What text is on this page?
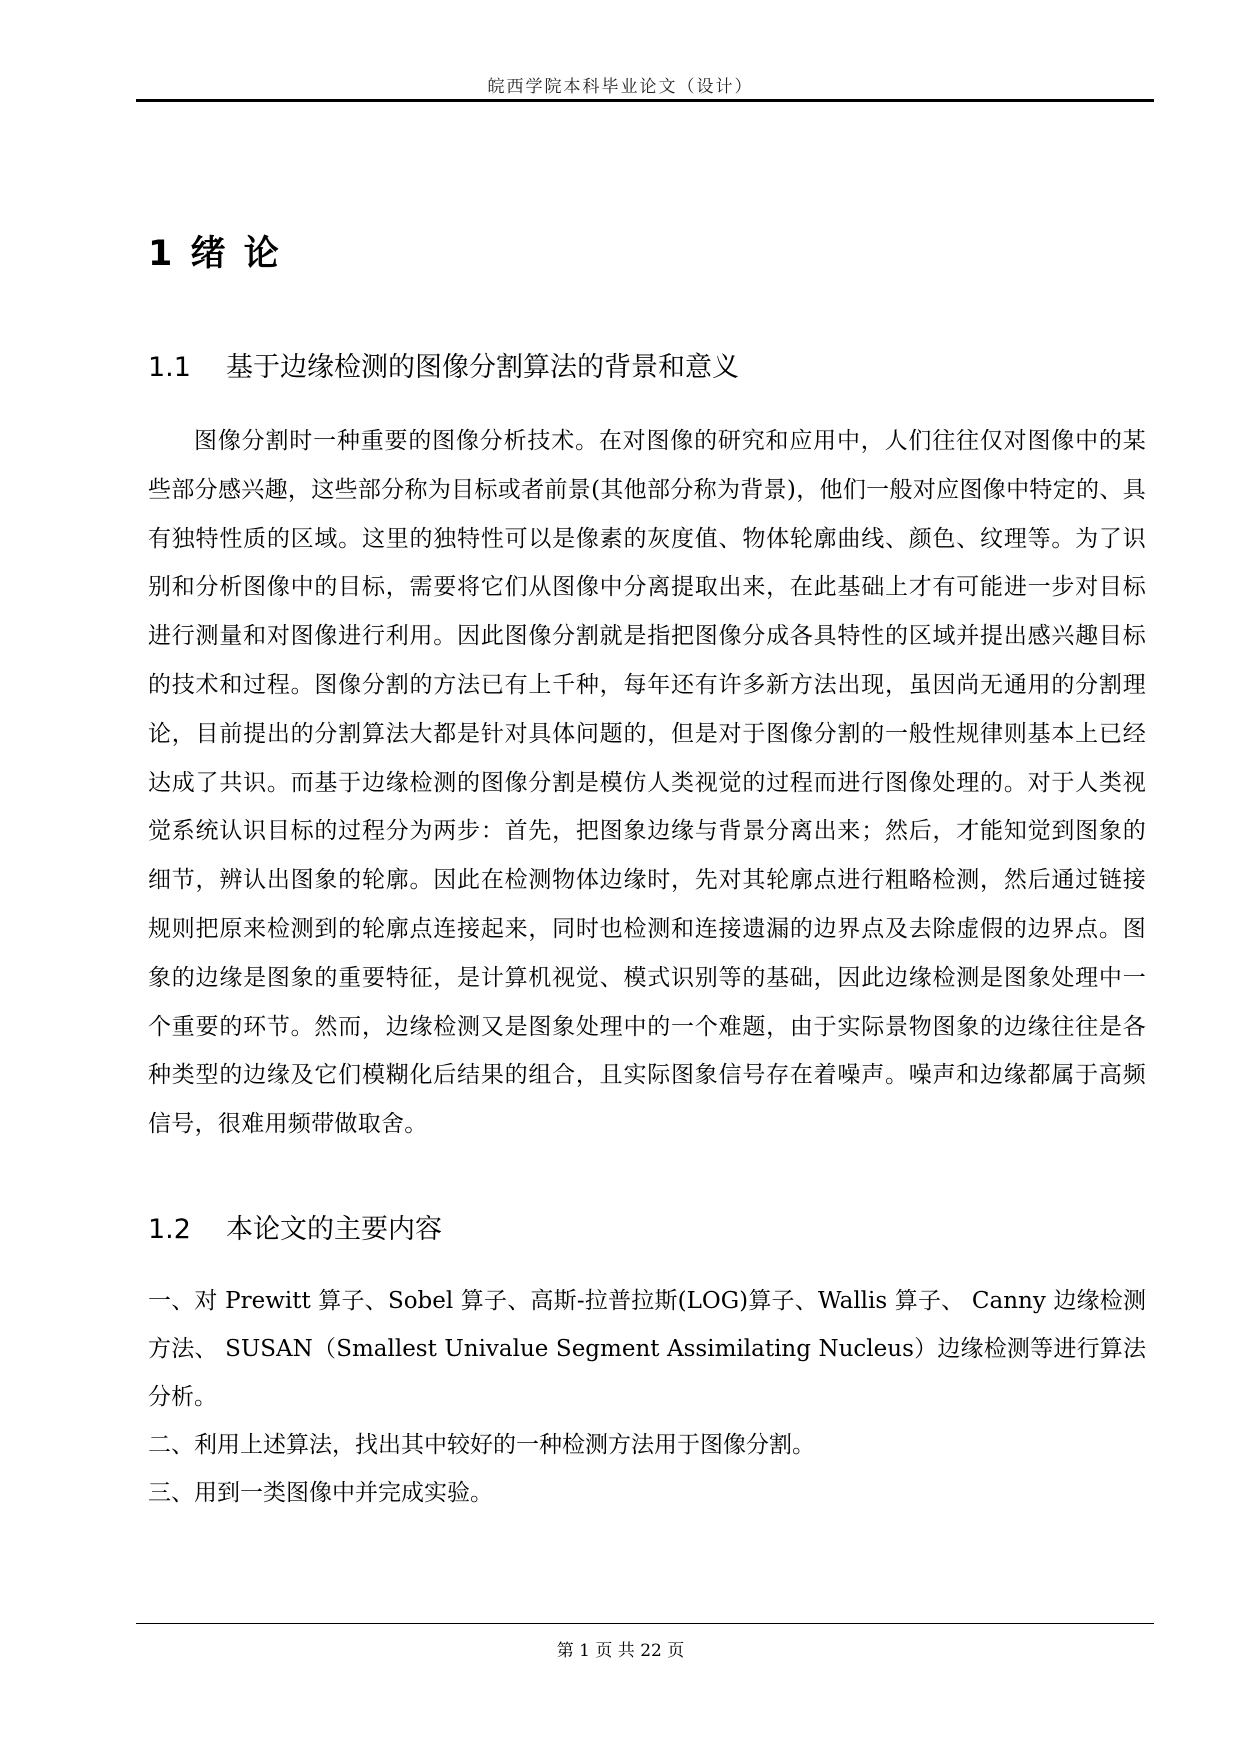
皖西学院本科毕业论文（设计）
1 绪 论
1.1 基于边缘检测的图像分割算法的背景和意义

图像分割时一种重要的图像分析技术。在对图像的研究和应用中，人们往往仅对图像中的某些部分感兴趣，这些部分称为目标或者前景(其他部分称为背景)，他们一般对应图像中特定的、具有独特性质的区域。这里的独特性可以是像素的灰度值、物体轮廓曲线、颜色、纹理等。为了识别和分析图像中的目标，需要将它们从图像中分离提取出来，在此基础上才有可能进一步对目标进行测量和对图像进行利用。因此图像分割就是指把图像分成各具特性的区域并提出感兴趣目标的技术和过程。图像分割的方法已有上千种，每年还有许多新方法出现，虽因尚无通用的分割理论，目前提出的分割算法大都是针对具体问题的，但是对于图像分割的一般性规律则基本上已经达成了共识。而基于边缘检测的图像分割是模仿人类视觉的过程而进行图像处理的。对于人类视觉系统认识目标的过程分为两步：首先，把图象边缘与背景分离出来；然后，才能知觉到图象的细节，辨认出图象的轮廓。因此在检测物体边缘时，先对其轮廓点进行粗略检测，然后通过链接规则把原来检测到的轮廓点连接起来，同时也检测和连接遗漏的边界点及去除虚假的边界点。图象的边缘是图象的重要特征，是计算机视觉、模式识别等的基础，因此边缘检测是图象处理中一个重要的环节。然而，边缘检测又是图象处理中的一个难题，由于实际景物图象的边缘往往是各种类型的边缘及它们模糊化后结果的组合，且实际图象信号存在着噪声。噪声和边缘都属于高频信号，很难用频带做取舍。

1.2 本论文的主要内容
一、对 Prewitt 算子、Sobel 算子、高斯-拉普拉斯(LOG)算子、Wallis 算子、 Canny 边缘检测方法、 SUSAN（Smallest Univalue Segment Assimilating Nucleus）边缘检测等进行算法分析。
二、利用上述算法，找出其中较好的一种检测方法用于图像分割。
三、用到一类图像中并完成实验。
第 1 页 共 22 页
